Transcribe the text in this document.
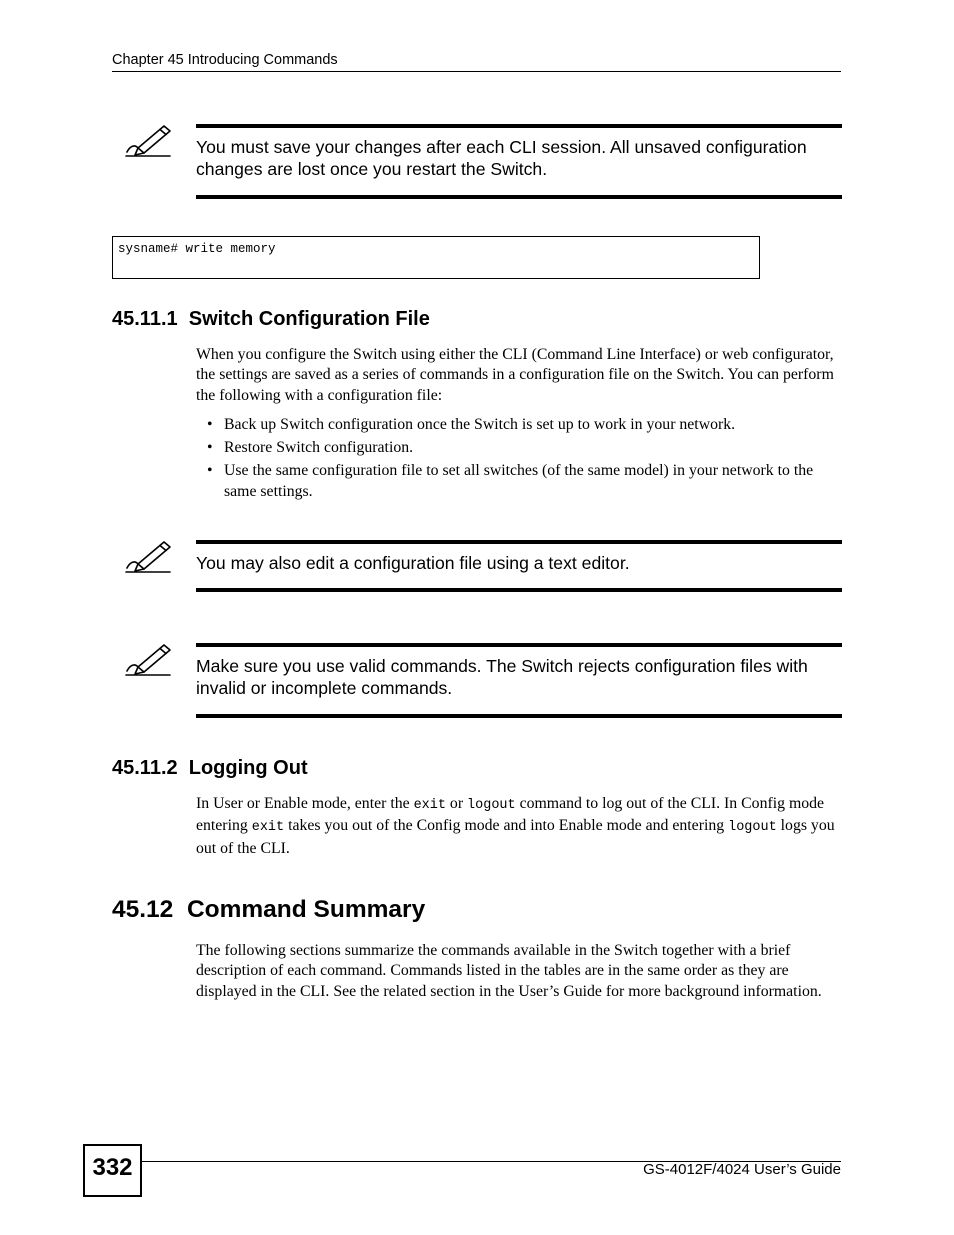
Chapter 45 Introducing Commands
You must save your changes after each CLI session. All unsaved configuration changes are lost once you restart the Switch.
sysname# write memory
45.11.1 Switch Configuration File
When you configure the Switch using either the CLI (Command Line Interface) or web configurator, the settings are saved as a series of commands in a configuration file on the Switch. You can perform the following with a configuration file:
• Back up Switch configuration once the Switch is set up to work in your network.
• Restore Switch configuration.
• Use the same configuration file to set all switches (of the same model) in your network to the same settings.
You may also edit a configuration file using a text editor.
Make sure you use valid commands. The Switch rejects configuration files with invalid or incomplete commands.
45.11.2 Logging Out
In User or Enable mode, enter the exit or logout command to log out of the CLI. In Config mode entering exit takes you out of the Config mode and into Enable mode and entering logout logs you out of the CLI.
45.12 Command Summary
The following sections summarize the commands available in the Switch together with a brief description of each command. Commands listed in the tables are in the same order as they are displayed in the CLI. See the related section in the User’s Guide for more background information.
332	GS-4012F/4024 User’s Guide
